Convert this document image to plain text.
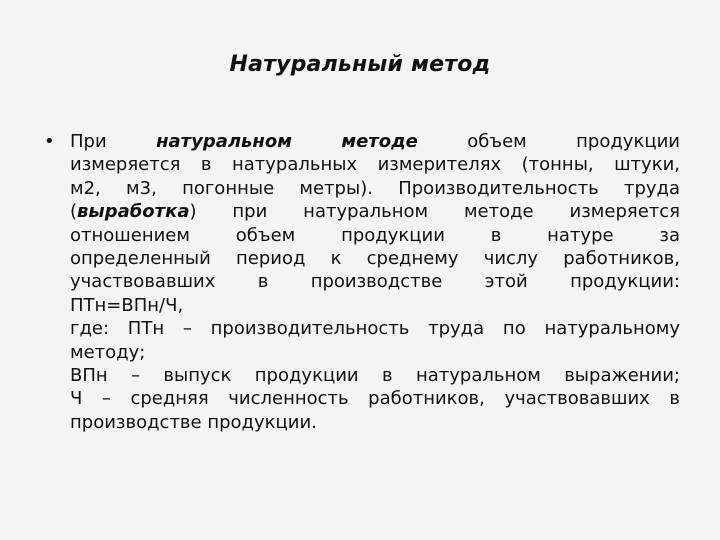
Натуральный метод
• При натуральном	методе объем продукции
измеряется в натуральных измерителях (тонны, штуки,
м2, м3, погонные метры). Производительность труда
(выработка) при натуральном методе измеряется
отношением объем продукции в натуре за
определенный период к среднему числу работников,
участвовавших в производстве этой продукции:
ПТн=ВПн/Ч,
где: ПТн – производительность труда по натуральному
методу;
ВПн – выпуск продукции в натуральном выражении;
Ч – средняя численность работников, участвовавших в
производстве продукции.
